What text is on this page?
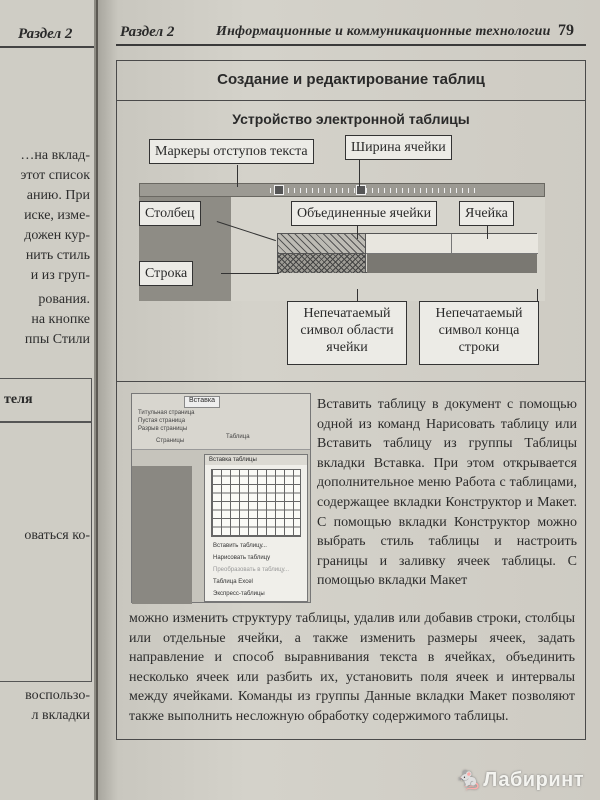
Раздел 2
…на вклад-
этот список
анию. При
иске, изме-
дожен кур-
нить стиль
и из груп-
рования.
на кнопке
ппы Стили
теля
оваться ко-
воспользо-
л вкладки
Раздел 2	Информационные и коммуникационные технологии 79
Создание и редактирование таблиц
Устройство электронной таблицы
Маркеры отступов текста	Ширина ячейки
Столбец	Объединенные ячейки	Ячейка
Строка
Непечатаемый
символ области
ячейки
Непечатаемый
символ конца
строки
Вставка
Титульная страница
Пустая страница
Разрыв страницы
Страницы
Таблица
Вставка таблицы
Вставить таблицу...
Нарисовать таблицу
Преобразовать в таблицу...
Таблица Excel
Экспресс-таблицы
Вставить таблицу в документ с помощью одной из команд Нарисовать таблицу или Вставить таблицу из группы Таблицы вкладки Вставка. При этом открывается дополнительное меню Работа с таблицами, содержащее вкладки Конструктор и Макет. С помощью вкладки Конструктор можно выбрать стиль таблицы и настроить границы и заливку ячеек таблицы. С помощью вкладки Макет
можно изменить структуру таблицы, удалив или добавив строки, столбцы или отдельные ячейки, а также изменить размеры ячеек, задать направление и способ выравнивания текста в ячейках, объединить несколько ячеек или разбить их, установить поля ячеек и интервалы между ячейками. Команды из группы Данные вкладки Макет позволяют также выполнить несложную обработку содержимого таблицы.
🐁Лабиринт
